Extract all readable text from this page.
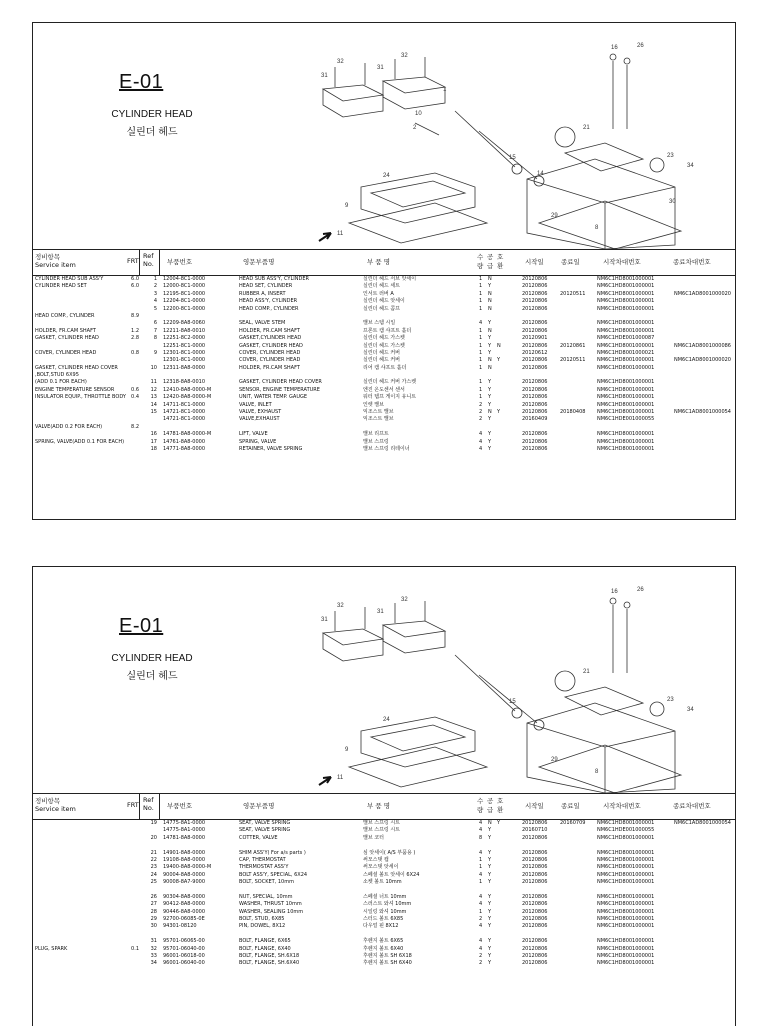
E-01
CYLINDER HEAD
실린더 헤드
31
32
31
32
10
2
24
9
11
1
15
14
21
16	26
23
34
29
30
8
정비항목
Service item	FRT
Ref No.	부품번호	영문부품명	부 품 명
수량
공급
호환	시작일	종료일	시작차대번호	종료차대번호
CYLINDER HEAD SUB ASS'Y	6.0	1 12004-8C1-0000	HEAD SUB ASS'Y, CYLINDER	실린더 헤드 서브 앗세이	1 N	20120806	NM6C1HD8001000001
CYLINDER HEAD SET	6.0	2 12000-8C1-0000	HEAD SET, CYLINDER	실린더 헤드 세트	1 Y	20120806	NM6C1HD8001000001
3 12195-8C1-0000	RUBBER A, INSERT	인서트 러버 A	1 N	20120806	20120511 NM6C1HD8001000001	NM6C1AD8001000020
4 12204-8C1-0000	HEAD ASS'Y, CYLINDER	실린더 헤드 앗세이	1 N	20120806	NM6C1HD8001000001
5 12200-8C1-0000	HEAD COMP., CYLINDER	실린더 헤드 콤프	1 N	20120806	NM6C1HD8001000001
HEAD COMP., CYLINDER	8.9
6 12209-8A8-0060	SEAL, VALVE STEM	밸브 스템 시일	4 Y	20120806	NM6C1HD8001000001
HOLDER, FR.CAM SHAFT	1.2	7 12211-8A8-0010	HOLDER, FR.CAM SHAFT	프론트 캠 샤프트 홀더	1 N	20120806	NM6C1HD8001000001
GASKET, CYLINDER HEAD	2.8	8 12251-8C2-0000	GASKET,CYLINDER HEAD	실린더 헤드 가스켓	1 Y	20120901	NM6C1HDE001000087
12251-8C1-0000	GASKET, CYLINDER HEAD	실린더 헤드 가스켓	1 Y N	20120806	20120861 NM6C1HD8001000001	NM6C1AD8001000086
COVER, CYLINDER HEAD	0.8	9 12301-8C1-0000	COVER, CYLINDER HEAD	실린더 헤드 커버	1 Y	20120612	NM6C1HD8001000021
12301-8C1-0000	COVER, CYLINDER HEAD	실린더 헤드 커버	1 N Y	20120806	20120511 NM6C1HD8001000001	NM6C1AD8001000020
GASKET, CYLINDER HEAD COVER	10 12311-8A8-0000	HOLDER, FR.CAM SHAFT	리어 캠 샤프트 홀더	1 N	20120806	NM6C1HD8001000001
,BOLT,STUD 6X95
(ADD 0.1 FOR EACH)	11 12318-8A8-0010	GASKET, CYLINDER HEAD COVER	실린더 헤드 커버 가스켓	1 Y	20120806	NM6C1HD8001000001
ENGINE TEMPERATURE SENSOR	0.6	12 12410-8A8-0000-M	SENSOR, ENGINE TEMPERATURE	엔진 온도센서 센서	1 Y	20120806	NM6C1HD8001000001
INSULATOR EQUIP., THROTTLE BODY	0.4	13 12420-8A8-0000-M	UNIT, WATER TEMP. GAUGE	워터 템프 게이지 유니트	1 Y	20120806	NM6C1HD8001000001
14 14711-8C1-0000	VALVE, INLET	인렛 밸브	2 Y	20120806	NM6C1HD8001000001
15 14721-8C1-0000	VALVE, EXHAUST	익조스트 밸브	2 N Y	20120806	20180408 NM6C1HD8001000001	NM6C1AD8001000054
14721-8C1-0000	VALVE,EXHAUST	익조스트 밸브	2 Y	20160409	NM6C1HDE001000055
VALVE(ADD 0.2 FOR EACH)	8.2
16 14781-8A8-0000-M	LIFT, VALVE	밸브 리프트	4 Y	20120806	NM6C1HD8001000001
SPRING, VALVE(ADD 0.1 FOR EACH)	17 14761-8A8-0000	SPRING, VALVE	밸브 스프링	4 Y	20120806	NM6C1HD8001000001
18 14771-8A8-0000	RETAINER, VALVE SPRING	밸브 스프링 리테이너	4 Y	20120806	NM6C1HD8001000001
E-01
CYLINDER HEAD
실린더 헤드
31
32
31
32
24
9
11
15
21
16	26
23
34
29
8
정비항목
Service item	FRT
Ref No.	부품번호	영문부품명	부 품 명
수량
공급
호환	시작일	종료일	시작차대번호	종료차대번호
19 14775-8A1-0000	SEAT, VALVE SPRING	밸브 스프링 시트	4 N Y	20120806	20160709 NM6C1HD8001000001	NM6C1AD8001000054
14775-8A1-0000	SEAT, VALVE SPRING	밸브 스프링 시트	4 Y	20160710	NM6C1HDE001000055
20 14781-8A8-0000	COTTER, VALVE	밸브 코터	8 Y	20120806	NM6C1HD8001000001
21 14901-8A8-0000	SHIM ASS'Y( For a/s parts )	심 앗세이( A/S 부품용 )	4 Y	20120806	NM6C1HD8001000001
22 19108-8A8-0000	CAP, THERMOSTAT	써모스탯 캡	1 Y	20120806	NM6C1HD8001000001
23 19400-8A8-0000-M	THERMOSTAT ASS'Y	써모스탯 앗세이	1 Y	20120806	NM6C1HD8001000001
24 90004-8A8-0000	BOLT ASS'Y, SPECIAL, 6X24	스페셜 볼트 앗세이 6X24	4 Y	20120806	NM6C1HD8001000001
25 90008-8A7-9000	BOLT, SOCKET, 10mm	소켓 볼트 10mm	1 Y	20120806	NM6C1HD8001000001
26 90304-8A8-0000	NUT, SPECIAL, 10mm	스페셜 너트 10mm	4 Y	20120806	NM6C1HD8001000001
27 90412-8A8-0000	WASHER, THRUST 10mm	스러스트 와셔 10mm	4 Y	20120806	NM6C1HD8001000001
28 90446-8A8-0000	WASHER, SEALING 10mm	시일링 와셔 10mm	1 Y	20120806	NM6C1HD8001000001
29 92700-06085-0E	BOLT, STUD, 6X85	스터드 볼트 6X85	2 Y	20120806	NM6C1HD8001000001
30 94301-08120	PIN, DOWEL, 8X12	다우얼 핀 8X12	4 Y	20120806	NM6C1HD8001000001
31 95701-06065-00	BOLT, FLANGE, 6X65	후렌지 볼트 6X65	4 Y	20120806	NM6C1HD8001000001
PLUG, SPARK	0.1	32 95701-06040-00	BOLT, FLANGE, 6X40	후렌지 볼트 6X40	4 Y	20120806	NM6C1HD8001000001
33 96001-06018-00	BOLT, FLANGE, SH.6X18	후렌지 볼트 SH 6X18	2 Y	20120806	NM6C1HD8001000001
34 96001-06040-00	BOLT, FLANGE, SH.6X40	후렌지 볼트 SH 6X40	2 Y	20120806	NM6C1HD8001000001
